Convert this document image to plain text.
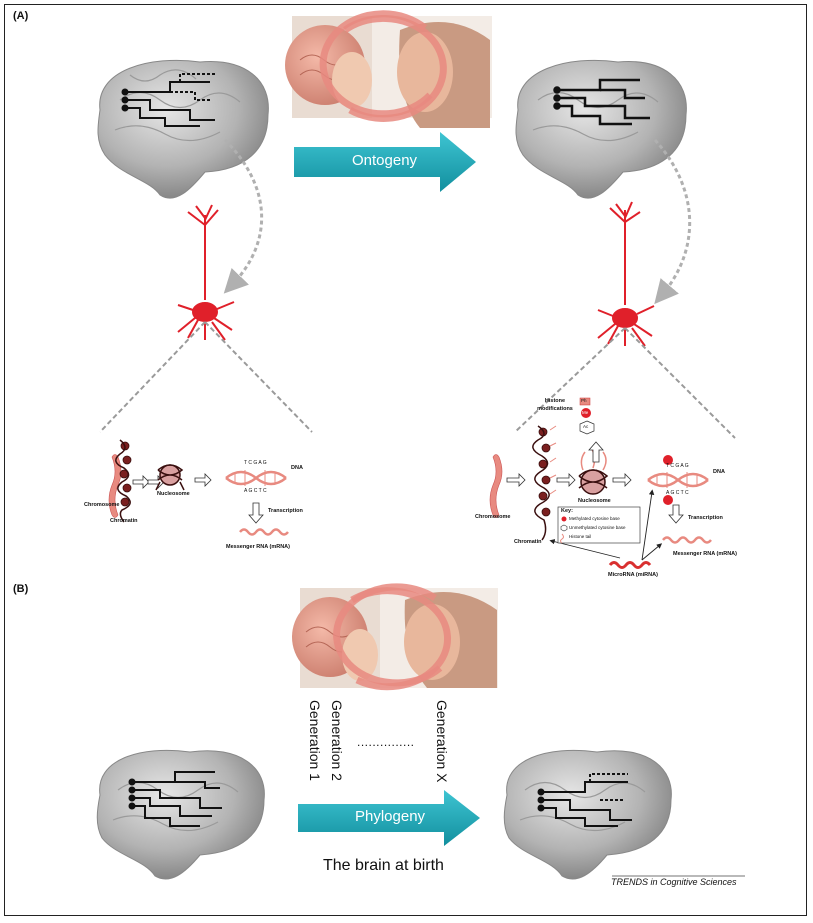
(A)
Ontogeny
Chromosome
Chromatin
Nucleosome
DNA
T C G A G
A G C T C
Transcription
Messenger RNA (mRNA)
Histone modifications
Ph
Me
Ac
Chromosome
Chromatin
Nucleosome
DNA
T C G A G
A G C T C
Transcription
Messenger RNA (mRNA)
MicroRNA (miRNA)
Key:
Methylated cytosine base
Unmethylated cytosine base
Histone tail
(B)
Generation 1 Generation 2 ............... Generation X
Phylogeny
The brain at birth
TRENDS in Cognitive Sciences
